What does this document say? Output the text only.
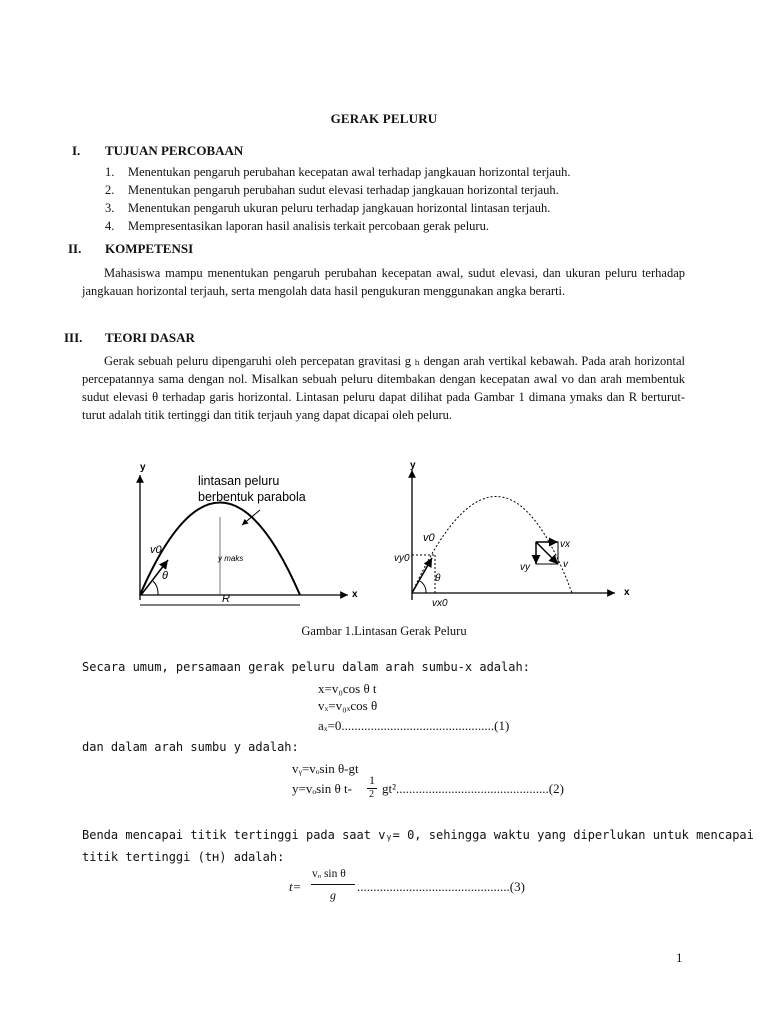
GERAK PELURU
I. TUJUAN PERCOBAAN
1. Menentukan pengaruh perubahan kecepatan awal terhadap jangkauan horizontal terjauh.
2. Menentukan pengaruh perubahan sudut elevasi terhadap jangkauan horizontal terjauh.
3. Menentukan pengaruh ukuran peluru terhadap jangkauan horizontal lintasan terjauh.
4. Mempresentasikan laporan hasil analisis terkait percobaan gerak peluru.
II. KOMPETENSI
Mahasiswa mampu menentukan pengaruh perubahan kecepatan awal, sudut elevasi, dan ukuran peluru terhadap jangkauan horizontal terjauh, serta mengolah data hasil pengukuran menggunakan angka berarti.
III. TEORI DASAR
Gerak sebuah peluru dipengaruhi oleh percepatan gravitasi g ₕ dengan arah vertikal kebawah. Pada arah horizontal percepatannya sama dengan nol. Misalkan sebuah peluru ditembakan dengan kecepatan awal vo dan arah membentuk sudut elevasi θ terhadap garis horizontal. Lintasan peluru dapat dilihat pada Gambar 1 dimana ymaks dan R berturut-turut adalah titik tertinggi dan titik terjauh yang dapat dicapai oleh peluru.
y
x
v0
θ
y maks
R
lintasan peluru
berbentuk parabola
y
x
v0
vy0
θ
vx0
vx
vy	v
Gambar 1.Lintasan Gerak Peluru
Secara umum, persamaan gerak peluru dalam arah sumbu-x adalah:
x=v₀cos θ t
vₓ=v₀ₓcos θ
aₓ=0...............................................(1)
dan dalam arah sumbu y adalah:
vᵧ=vₒsin θ-gt
y=vₒsin θ t-
1
2 gt²...............................................(2)
Benda mencapai titik tertinggi pada saat vᵧ= 0, sehingga waktu yang diperlukan untuk mencapai
titik tertinggi (tʜ) adalah:
t=
vₒ sin θ
g
...............................................(3)
1
